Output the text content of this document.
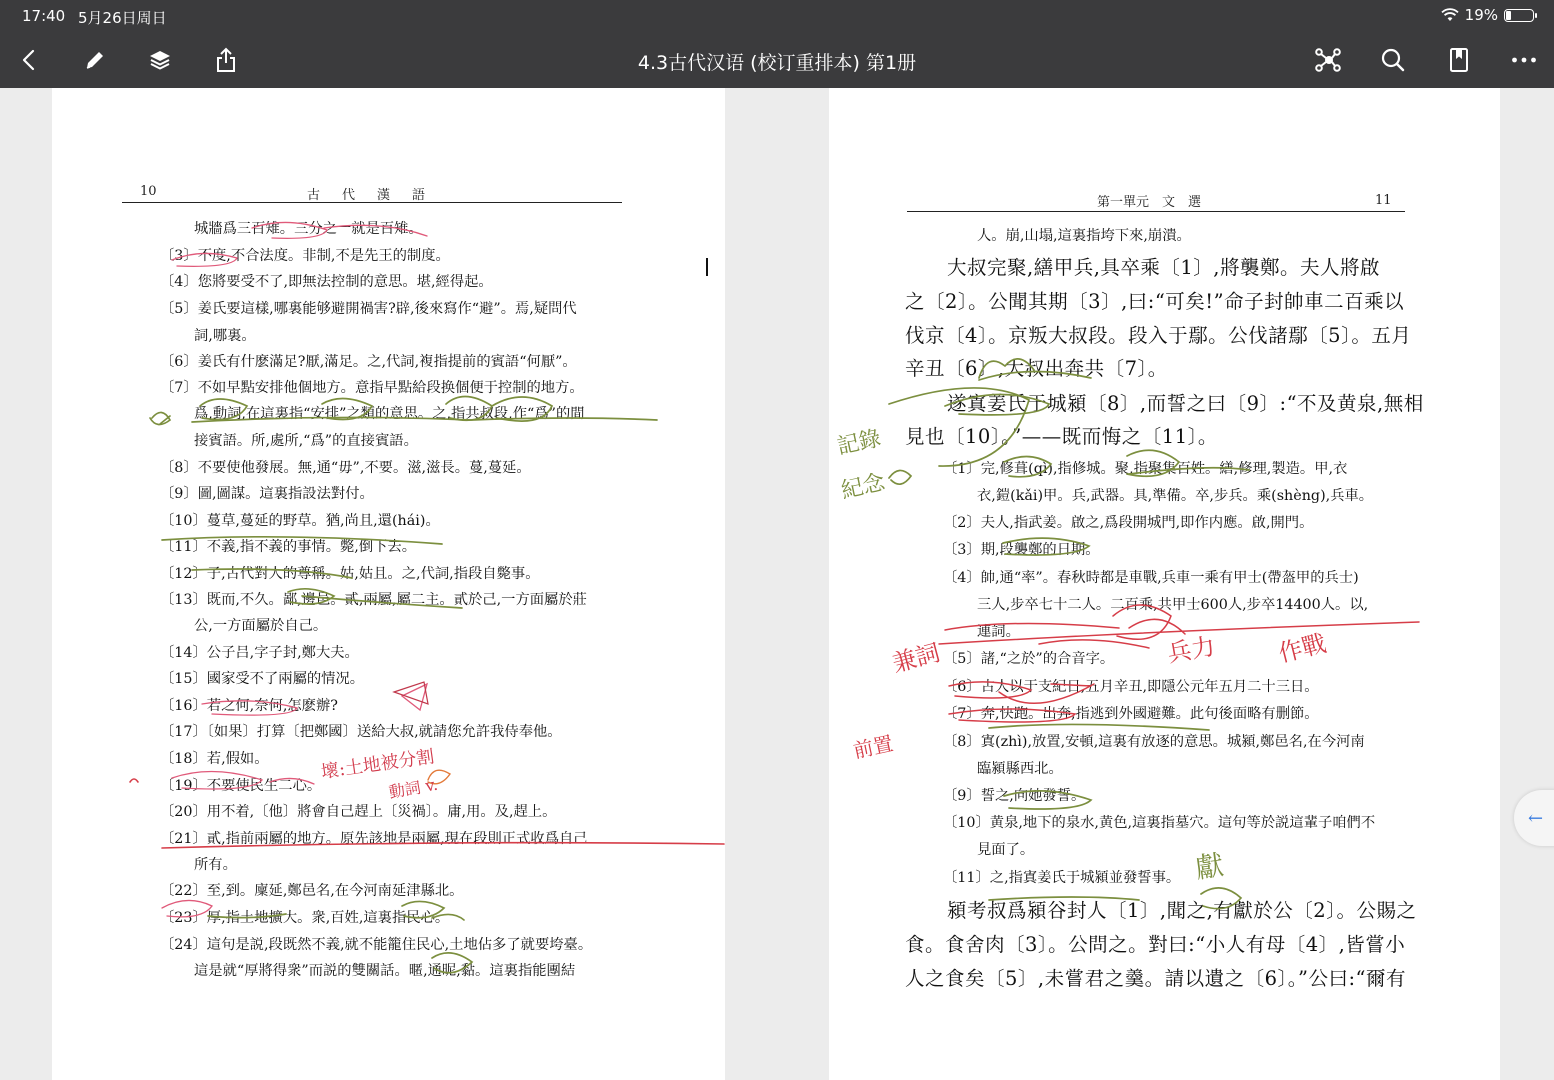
17:40 5月26日周日	19%
4.3古代汉语 (校订重排本) 第1册
10	古代漢語
城牆爲三百雉。三分之一就是百雉。
〔3〕不度,不合法度。非制,不是先王的制度。
〔4〕您將要受不了,即無法控制的意思。堪,經得起。
〔5〕姜氏要這樣,哪裏能够避開禍害?辟,後來寫作“避”。焉,疑問代
詞,哪裏。
〔6〕姜氏有什麽滿足?厭,滿足。之,代詞,複指提前的賓語“何厭”。
〔7〕不如早點安排他個地方。意指早點給段换個便于控制的地方。
爲,動詞,在這裏指“安排”之類的意思。之,指共叔段,作“爲”的間
接賓語。所,處所,“爲”的直接賓語。
〔8〕不要使他發展。無,通“毋”,不要。滋,滋長。蔓,蔓延。
〔9〕圖,圖謀。這裏指設法對付。
〔10〕蔓草,蔓延的野草。猶,尚且,還(hái)。
〔11〕不義,指不義的事情。斃,倒下去。
〔12〕子,古代對人的尊稱。姑,姑且。之,代詞,指段自斃事。
〔13〕既而,不久。鄙,邊邑。貳,兩屬,屬二主。貳於己,一方面屬於莊
公,一方面屬於自己。
〔14〕公子吕,字子封,鄭大夫。
〔15〕國家受不了兩屬的情况。
〔16〕若之何,奈何,怎麽辦?
〔17〕〔如果〕打算〔把鄭國〕送給大叔,就請您允許我侍奉他。
〔18〕若,假如。
〔19〕不要使民生二心。
〔20〕用不着,〔他〕將會自己趕上〔災禍〕。庸,用。及,趕上。
〔21〕貳,指前兩屬的地方。原先該地是兩屬,現在段則正式收爲自己
所有。
〔22〕至,到。廩延,鄭邑名,在今河南延津縣北。
〔23〕厚,指土地擴大。衆,百姓,這裏指民心。
〔24〕這句是説,段既然不義,就不能籠住民心,土地佔多了就要垮臺。
這是就“厚將得衆”而説的雙關話。暱,通昵,黏。這裏指能團結
壞:土地被分割
動詞 v.
第一單元　文　選	11
人。崩,山塌,這裏指垮下來,崩潰。
大叔完聚,繕甲兵,具卒乘〔1〕,將襲鄭。夫人將啟
之〔2〕。公聞其期〔3〕,曰:“可矣!”命子封帥車二百乘以
伐京〔4〕。京叛大叔段。段入于鄢。公伐諸鄢〔5〕。五月
辛丑〔6〕,大叔出奔共〔7〕。
遂寘姜氏于城潁〔8〕,而誓之曰〔9〕:“不及黄泉,無相
見也〔10〕。”——既而悔之〔11〕。
〔1〕完,修葺(qì),指修城。聚,指聚集百姓。繕,修理,製造。甲,衣
衣,鎧(kǎi)甲。兵,武器。具,準備。卒,步兵。乘(shèng),兵車。
〔2〕夫人,指武姜。啟之,爲段開城門,即作内應。啟,開門。
〔3〕期,段襲鄭的日期。
〔4〕帥,通“率”。春秋時都是車戰,兵車一乘有甲士(帶盔甲的兵士)
三人,步卒七十二人。二百乘,共甲士600人,步卒14400人。以,
連詞。
〔5〕諸,“之於”的合音字。
〔6〕古人以干支紀日,五月辛丑,即隱公元年五月二十三日。
〔7〕奔,快跑。出奔,指逃到外國避難。此句後面略有删節。
〔8〕寘(zhì),放置,安頓,這裏有放逐的意思。城潁,鄭邑名,在今河南
臨潁縣西北。
〔9〕誓之,向她發誓。
〔10〕黄泉,地下的泉水,黄色,這裏指墓穴。這句等於説這輩子咱們不
見面了。
〔11〕之,指寘姜氏于城潁並發誓事。
潁考叔爲潁谷封人〔1〕,聞之,有獻於公〔2〕。公賜之
食。食舍肉〔3〕。公問之。對曰:“小人有母〔4〕,皆嘗小
人之食矣〔5〕,未嘗君之羹。請以遺之〔6〕。”公曰:“爾有
記錄
紀念
兼詞	兵力 作戰
前置
獻
←
